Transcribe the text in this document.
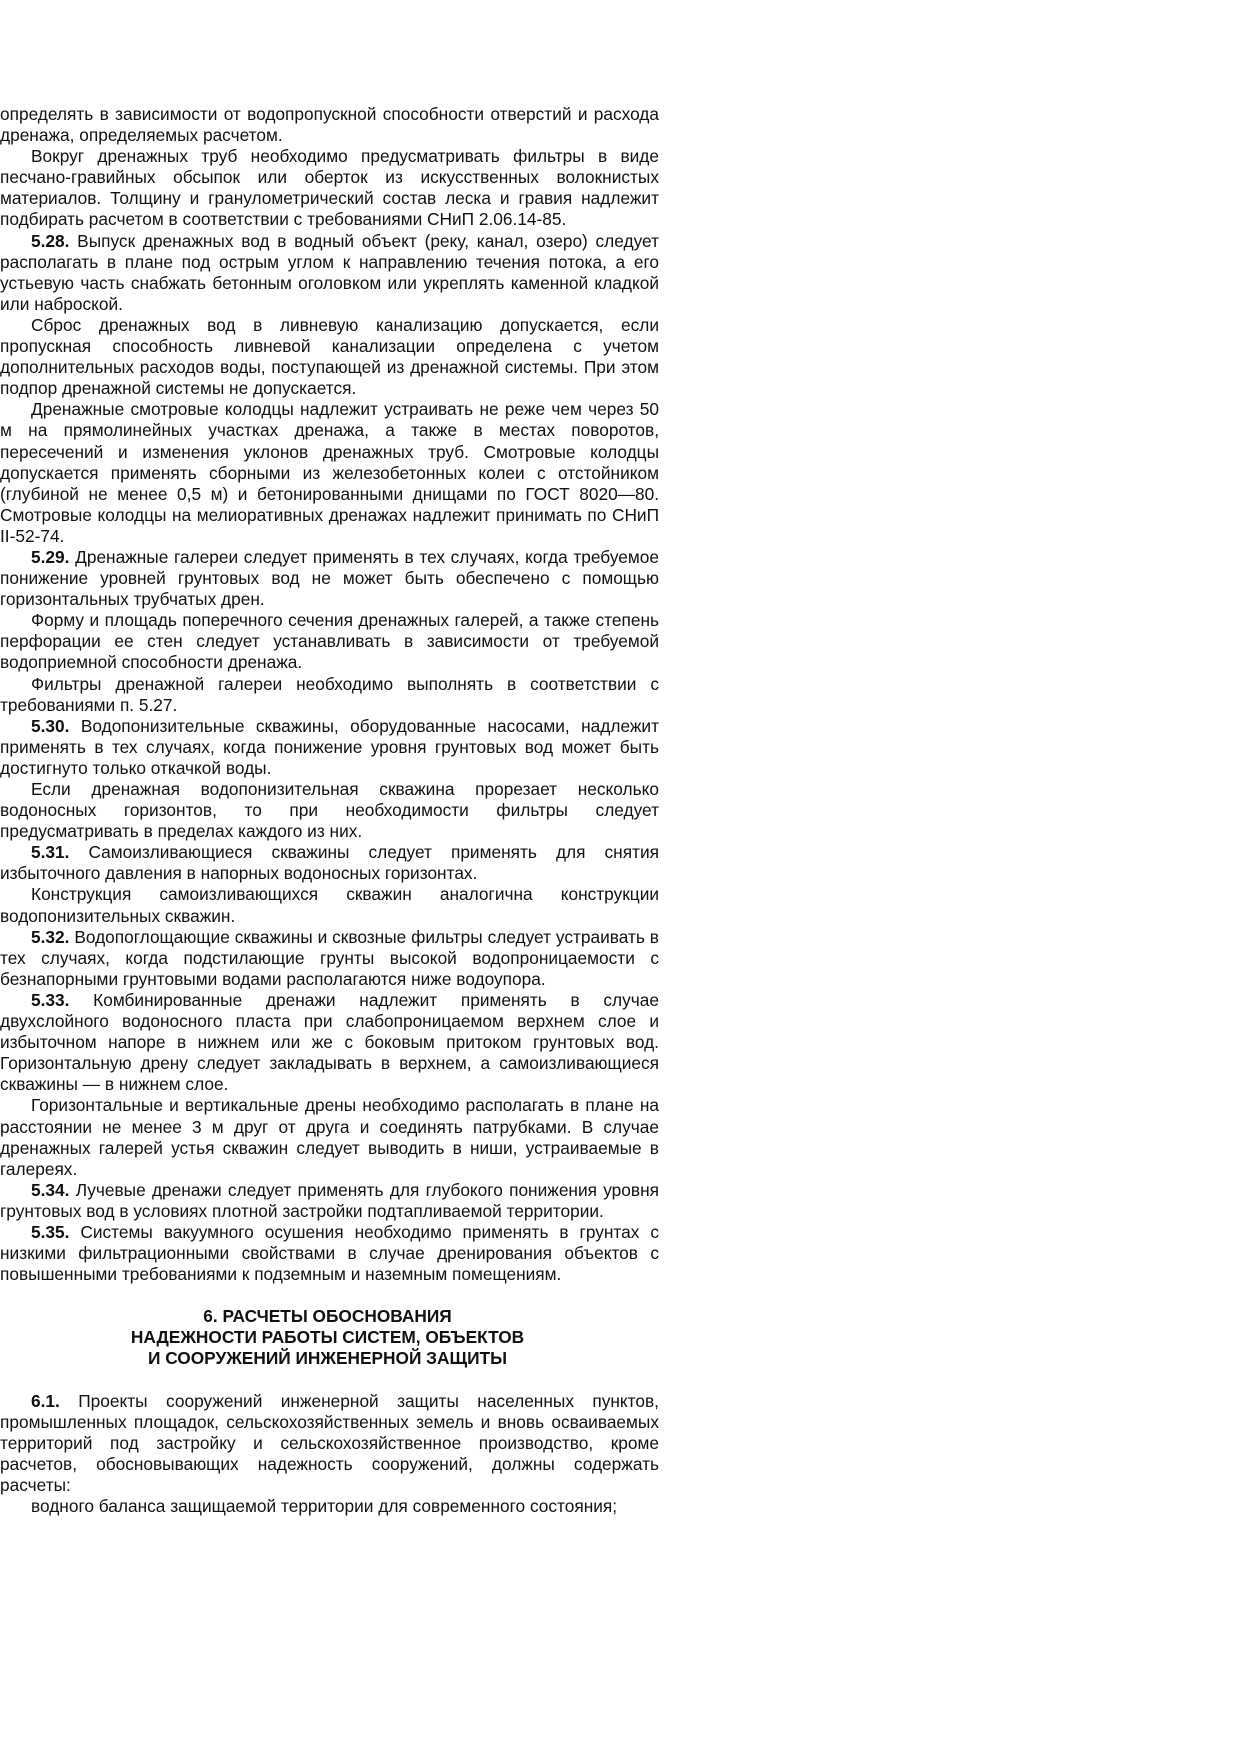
определять в зависимости от водопропускной способности отверстий и расхода дренажа, определяемых расчетом.

Вокруг дренажных труб необходимо предусматривать фильтры в виде песчано-гравийных обсыпок или оберток из искусственных волокнистых материалов. Толщину и гранулометрический состав леска и гравия надлежит подбирать расчетом в соответствии с требованиями СНиП 2.06.14-85.

5.28. Выпуск дренажных вод в водный объект (реку, канал, озеро) следует располагать в плане под острым углом к направлению течения потока, а его устьевую часть снабжать бетонным оголовком или укреплять каменной кладкой или наброской.

Сброс дренажных вод в ливневую канализацию допускается, если пропускная способность ливневой канализации определена с учетом дополнительных расходов воды, поступающей из дренажной системы. При этом подпор дренажной системы не допускается.

Дренажные смотровые колодцы надлежит устраивать не реже чем через 50 м на прямолинейных участках дренажа, а также в местах поворотов, пересечений и изменения уклонов дренажных труб. Смотровые колодцы допускается применять сборными из железобетонных колеи с отстойником (глубиной не менее 0,5 м) и бетонированными днищами по ГОСТ 8020—80. Смотровые колодцы на мелиоративных дренажах надлежит принимать по СНиП II-52-74.

5.29. Дренажные галереи следует применять в тех случаях, когда требуемое понижение уровней грунтовых вод не может быть обеспечено с помощью горизонтальных трубчатых дрен.

Форму и площадь поперечного сечения дренажных галерей, а также степень перфорации ее стен следует устанавливать в зависимости от требуемой водоприемной способности дренажа.

Фильтры дренажной галереи необходимо выполнять в соответствии с требованиями п. 5.27.

5.30. Водопонизительные скважины, оборудованные насосами, надлежит применять в тех случаях, когда понижение уровня грунтовых вод может быть достигнуто только откачкой воды.

Если дренажная водопонизительная скважина прорезает несколько водоносных горизонтов, то при необходимости фильтры следует предусматривать в пределах каждого из них.

5.31. Самоизливающиеся скважины следует применять для снятия избыточного давления в напорных водоносных горизонтах.

Конструкция самоизливающихся скважин аналогична конструкции водопонизительных скважин.

5.32. Водопоглощающие скважины и сквозные фильтры следует устраивать в тех случаях, когда подстилающие грунты высокой водопроницаемости с безнапорными грунтовыми водами располагаются ниже водоупора.

5.33. Комбинированные дренажи надлежит применять в случае двухслойного водоносного пласта при слабопроницаемом верхнем слое и избыточном напоре в нижнем или же с боковым притоком грунтовых вод. Горизонтальную дрену следует закладывать в верхнем, а самоизливающиеся скважины — в нижнем слое.

Горизонтальные и вертикальные дрены необходимо располагать в плане на расстоянии не менее 3 м друг от друга и соединять патрубками. В случае дренажных галерей устья скважин следует выводить в ниши, устраиваемые в галереях.

5.34. Лучевые дренажи следует применять для глубокого понижения уровня грунтовых вод в условиях плотной застройки подтапливаемой территории.

5.35. Системы вакуумного осушения необходимо применять в грунтах с низкими фильтрационными свойствами в случае дренирования объектов с повышенными требованиями к подземным и наземным помещениям.

6. РАСЧЕТЫ ОБОСНОВАНИЯ
НАДЕЖНОСТИ РАБОТЫ СИСТЕМ, ОБЪЕКТОВ
И СООРУЖЕНИЙ ИНЖЕНЕРНОЙ ЗАЩИТЫ

6.1. Проекты сооружений инженерной защиты населенных пунктов, промышленных площадок, сельскохозяйственных земель и вновь осваиваемых территорий под застройку и сельскохозяйственное производство, кроме расчетов, обосновывающих надежность сооружений, должны содержать расчеты:

водного баланса защищаемой территории для современного состояния;
